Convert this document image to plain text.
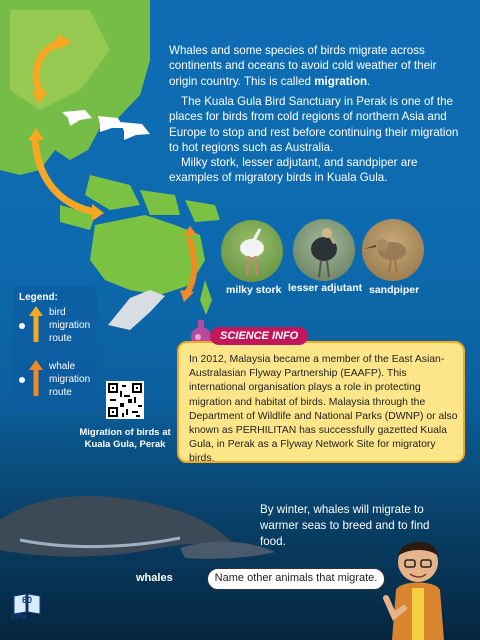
Whales and some species of birds migrate across continents and oceans to avoid cold weather of their origin country. This is called migration.
The Kuala Gula Bird Sanctuary in Perak is one of the places for birds from cold regions of northern Asia and Europe to stop and rest before continuing their migration to hot regions such as Australia.
Milky stork, lesser adjutant, and sandpiper are examples of migratory birds in Kuala Gula.
milky stork lesser adjutant sandpiper
Legend:
bird migration route
whale migration route
Migration of birds at Kuala Gula, Perak
In 2012, Malaysia became a member of the East Asian-Australasian Flyway Partnership (EAAFP). This international organisation plays a role in protecting migration and habitat of birds. Malaysia through the Department of Wildlife and National Parks (DWNP) or also known as PERHILITAN has successfully gazetted Kuala Gula, in Perak as a Flyway Network Site for migratory birds.
SCIENCE INFO
By winter, whales will migrate to warmer seas to breed and to find food.
whales	Name other animals that migrate.
60
KPM
